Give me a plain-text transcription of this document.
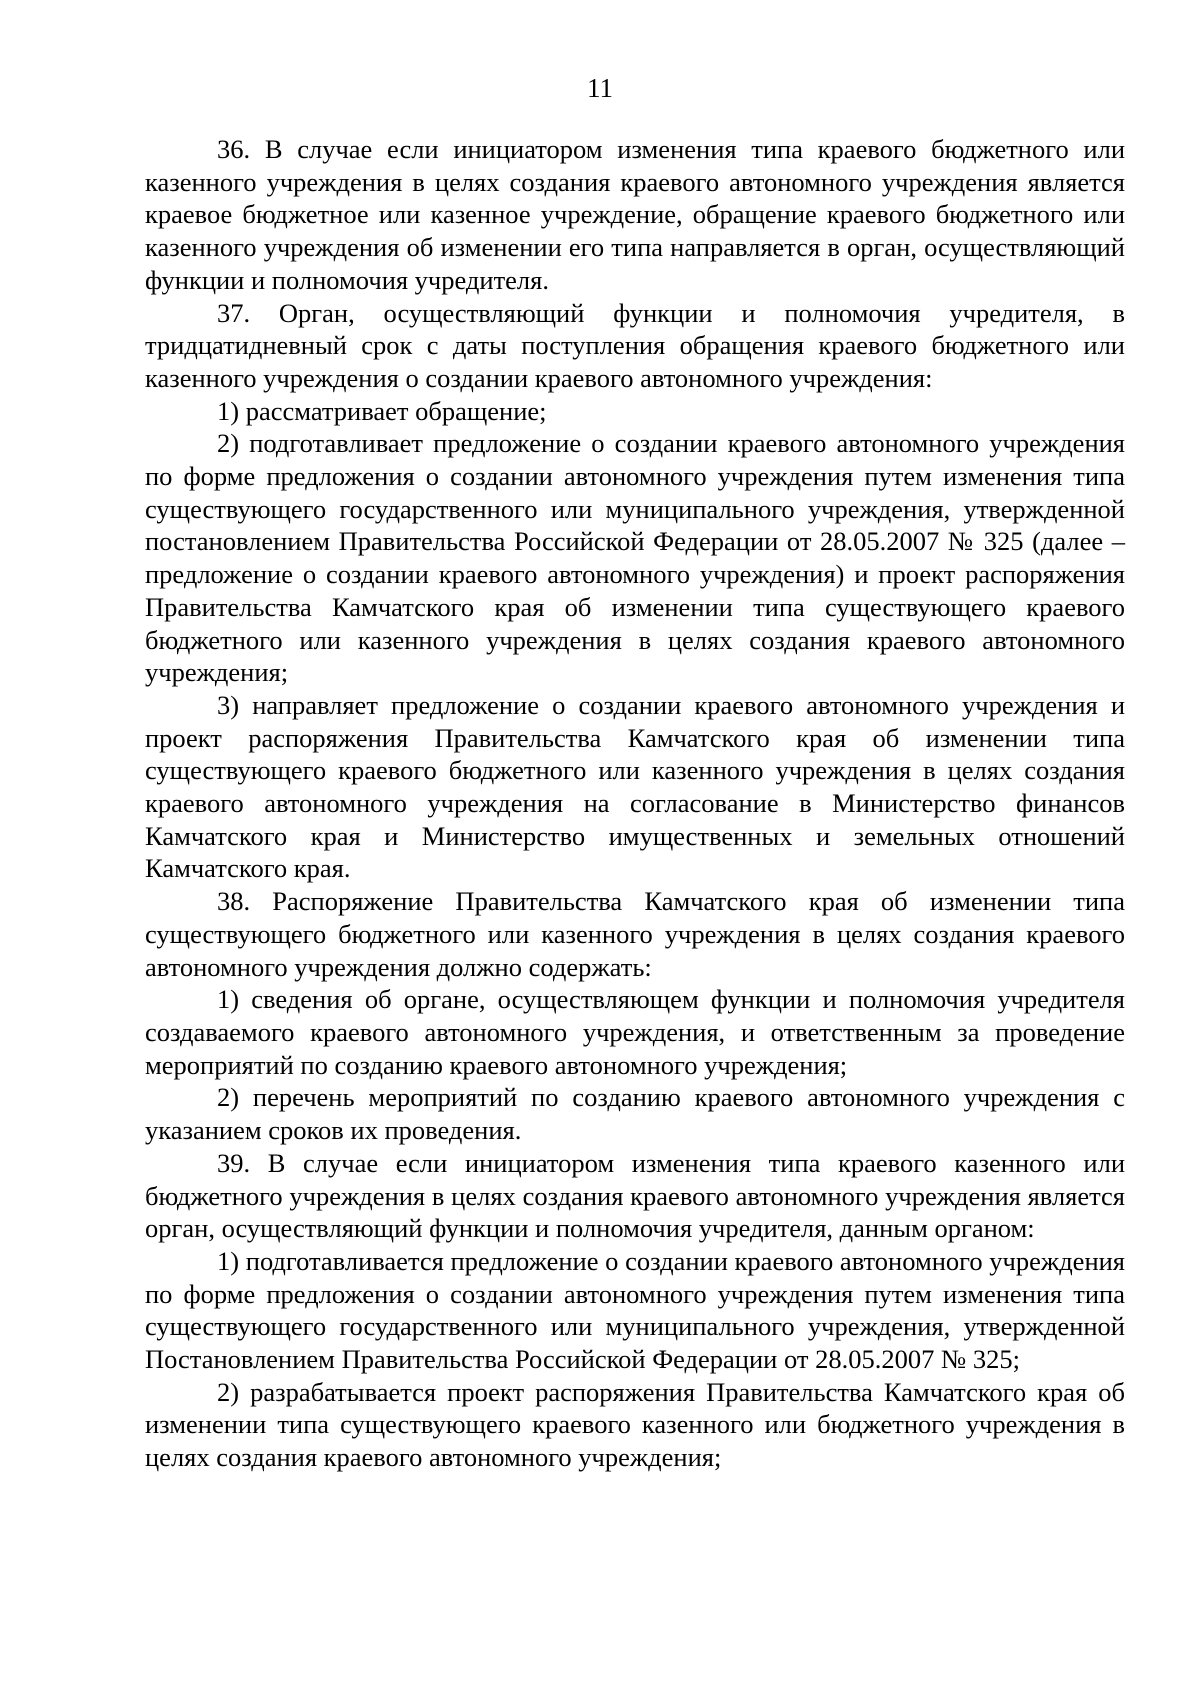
11

36. В случае если инициатором изменения типа краевого бюджетного или казенного учреждения в целях создания краевого автономного учреждения является краевое бюджетное или казенное учреждение, обращение краевого бюджетного или казенного учреждения об изменении его типа направляется в орган, осуществляющий функции и полномочия учредителя.

37. Орган, осуществляющий функции и полномочия учредителя, в тридцатидневный срок с даты поступления обращения краевого бюджетного или казенного учреждения о создании краевого автономного учреждения:

1) рассматривает обращение;

2) подготавливает предложение о создании краевого автономного учреждения по форме предложения о создании автономного учреждения путем изменения типа существующего государственного или муниципального учреждения, утвержденной постановлением Правительства Российской Федерации от 28.05.2007 № 325 (далее – предложение о создании краевого автономного учреждения) и проект распоряжения Правительства Камчатского края об изменении типа существующего краевого бюджетного или казенного учреждения в целях создания краевого автономного учреждения;

3) направляет предложение о создании краевого автономного учреждения и проект распоряжения Правительства Камчатского края об изменении типа существующего краевого бюджетного или казенного учреждения в целях создания краевого автономного учреждения на согласование в Министерство финансов Камчатского края и Министерство имущественных и земельных отношений Камчатского края.

38. Распоряжение Правительства Камчатского края об изменении типа существующего бюджетного или казенного учреждения в целях создания краевого автономного учреждения должно содержать:

1) сведения об органе, осуществляющем функции и полномочия учредителя создаваемого краевого автономного учреждения, и ответственным за проведение мероприятий по созданию краевого автономного учреждения;

2) перечень мероприятий по созданию краевого автономного учреждения с указанием сроков их проведения.

39. В случае если инициатором изменения типа краевого казенного или бюджетного учреждения в целях создания краевого автономного учреждения является орган, осуществляющий функции и полномочия учредителя, данным органом:

1) подготавливается предложение о создании краевого автономного учреждения по форме предложения о создании автономного учреждения путем изменения типа существующего государственного или муниципального учреждения, утвержденной Постановлением Правительства Российской Федерации от 28.05.2007 № 325;

2) разрабатывается проект распоряжения Правительства Камчатского края об изменении типа существующего краевого казенного или бюджетного учреждения в целях создания краевого автономного учреждения;
